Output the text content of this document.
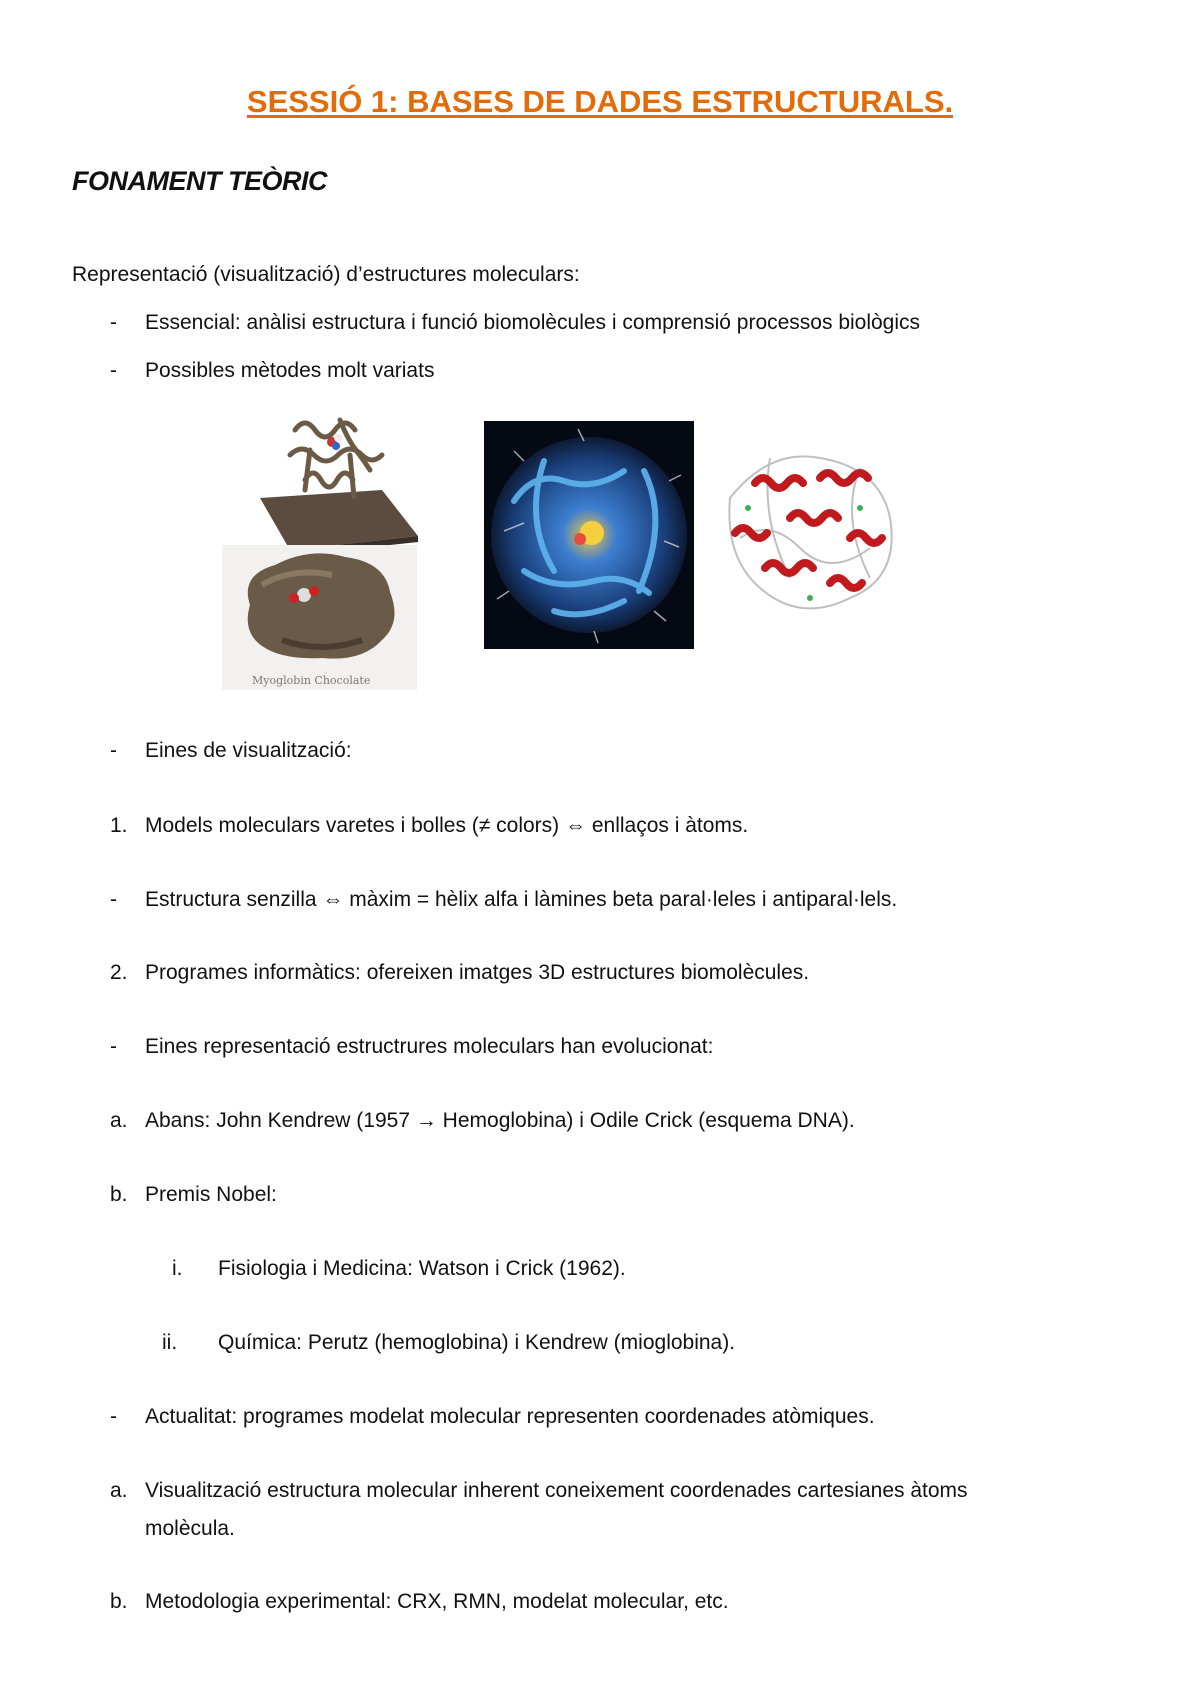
SESSIÓ 1: BASES DE DADES ESTRUCTURALS.
FONAMENT TEÒRIC
Representació (visualització) d’estructures moleculars:
- Essencial: anàlisi estructura i funció biomolècules i comprensió processos biològics
- Possibles mètodes molt variats
Myoglobin Chocolate
- Eines de visualització:
1. Models moleculars varetes i bolles (≠ colors) ⇔ enllaços i àtoms.
- Estructura senzilla ⇔ màxim = hèlix alfa i làmines beta paral·leles i antiparal·lels.
2. Programes informàtics: ofereixen imatges 3D estructures biomolècules.
- Eines representació estructrures moleculars han evolucionat:
a. Abans: John Kendrew (1957 → Hemoglobina) i Odile Crick (esquema DNA).
b. Premis Nobel:
i. Fisiologia i Medicina: Watson i Crick (1962).
ii. Química: Perutz (hemoglobina) i Kendrew (mioglobina).
- Actualitat: programes modelat molecular representen coordenades atòmiques.
a. Visualització estructura molecular inherent coneixement coordenades cartesianes àtoms
molècula.
b. Metodologia experimental: CRX, RMN, modelat molecular, etc.
